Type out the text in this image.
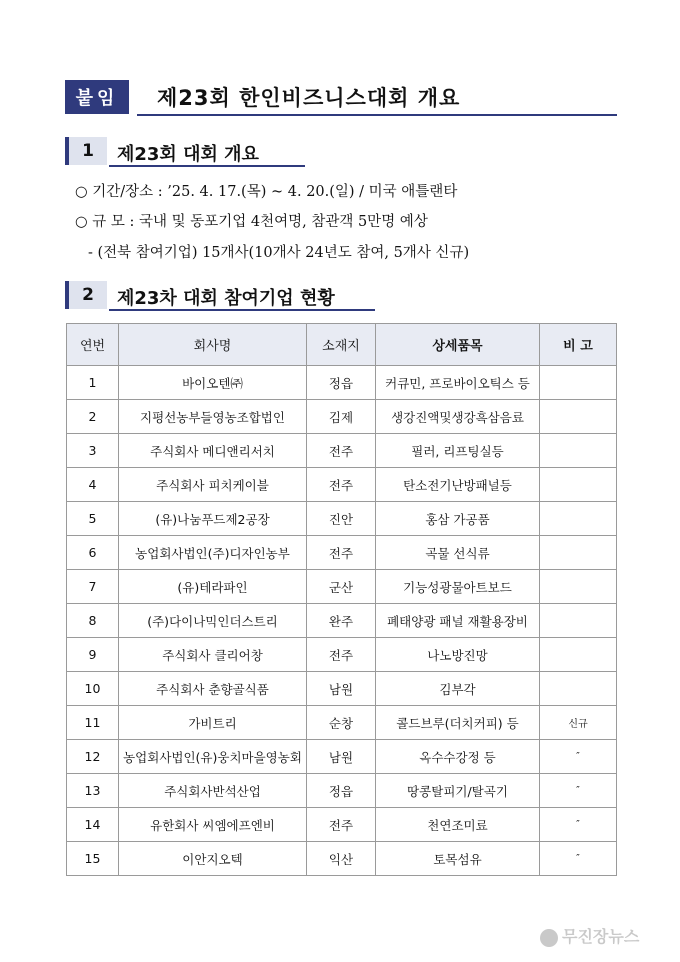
붙임	제23회 한인비즈니스대회 개요
1	제23회 대회 개요
○ 기간/장소 : ’25. 4. 17.(목) ~ 4. 20.(일) / 미국 애틀랜타
○ 규 모 : 국내 및 동포기업 4천여명, 참관객 5만명 예상
- (전북 참여기업) 15개사(10개사 24년도 참여, 5개사 신규)
2	제23차 대회 참여기업 현황
연번	회사명	소재지	상세품목	비 고
1	바이오텐㈜	정읍	커큐민, 프로바이오틱스 등	
2	지평선농부들영농조합법인	김제	생강진액및생강흑삼음료	
3	주식회사 메디앤리서치	전주	필러, 리프팅실등	
4	주식회사 피치케이블	전주	탄소전기난방패널등	
5	(유)나눔푸드제2공장	진안	홍삼 가공품	
6	농업회사법인(주)디자인농부	전주	곡물 선식류	
7	(유)테라파인	군산	기능성광물아트보드	
8	(주)다이나믹인더스트리	완주	폐태양광 패널 재활용장비	
9	주식회사 클리어창	전주	나노방진망	
10	주식회사 춘향골식품	남원	김부각	
11	가비트리	순창	콜드브루(더치커피) 등	신규
12	농업회사법인(유)웅치마을영농회	남원	옥수수강정 등	″
13	주식회사반석산업	정읍	땅콩탈피기/탈곡기	″
14	유한회사 씨엠에프엔비	전주	천연조미료	″
15	이안지오텍	익산	토목섬유	″
무진장뉴스
